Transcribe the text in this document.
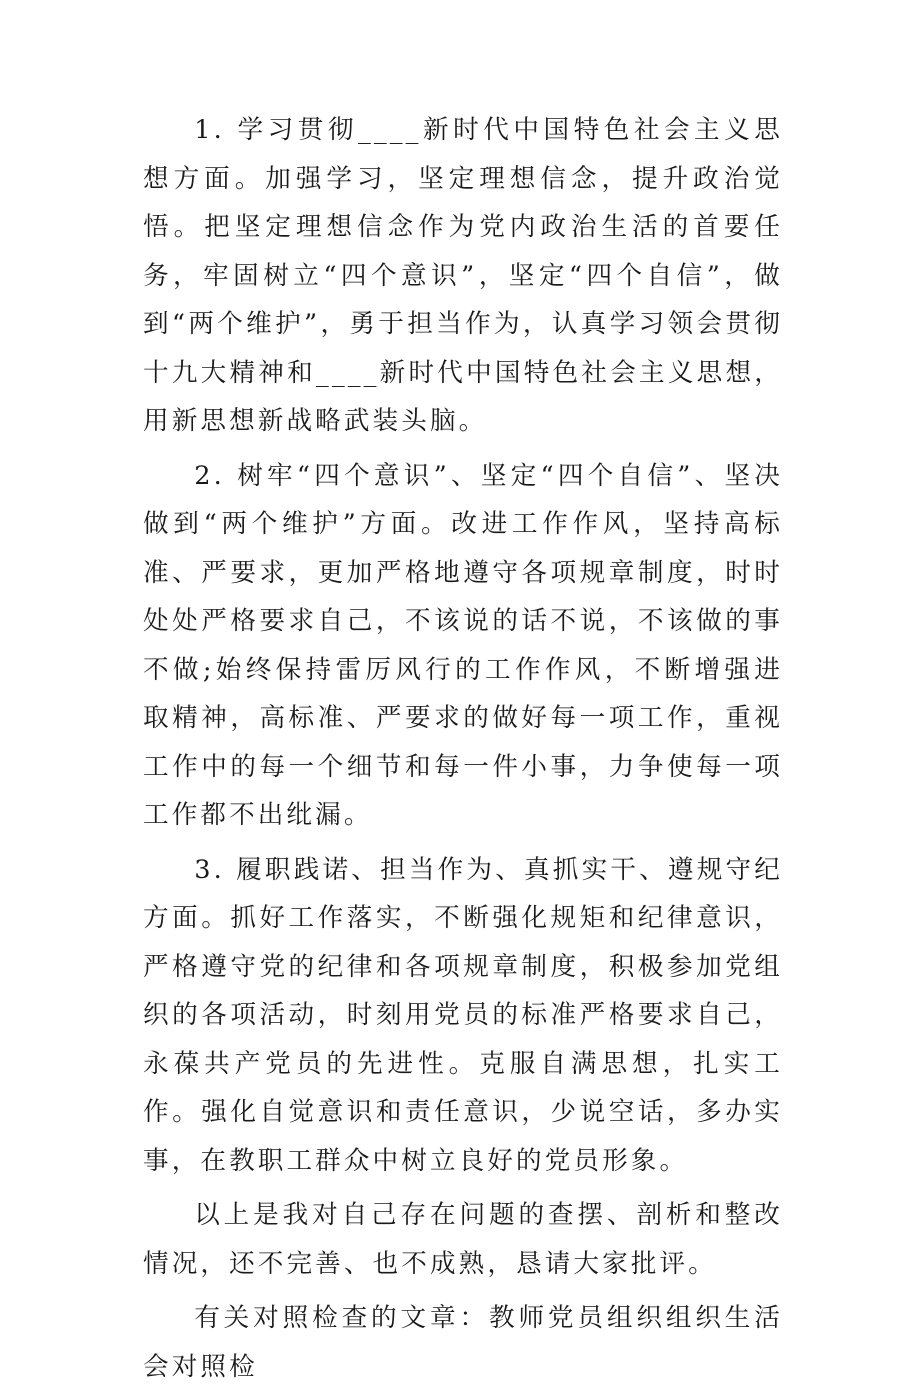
1. 学习贯彻____新时代中国特色社会主义思想方面。加强学习，坚定理想信念，提升政治觉悟。把坚定理想信念作为党内政治生活的首要任务，牢固树立“四个意识”，坚定“四个自信”，做到“两个维护”，勇于担当作为，认真学习领会贯彻十九大精神和____新时代中国特色社会主义思想，用新思想新战略武装头脑。

2. 树牢“四个意识”、坚定“四个自信”、坚决做到“两个维护”方面。改进工作作风，坚持高标准、严要求，更加严格地遵守各项规章制度，时时处处严格要求自己，不该说的话不说，不该做的事不做;始终保持雷厉风行的工作作风，不断增强进取精神，高标准、严要求的做好每一项工作，重视工作中的每一个细节和每一件小事，力争使每一项工作都不出纰漏。

3. 履职践诺、担当作为、真抓实干、遵规守纪方面。抓好工作落实，不断强化规矩和纪律意识，严格遵守党的纪律和各项规章制度，积极参加党组织的各项活动，时刻用党员的标准严格要求自己，永葆共产党员的先进性。克服自满思想，扎实工作。强化自觉意识和责任意识，少说空话，多办实事，在教职工群众中树立良好的党员形象。

以上是我对自己存在问题的查摆、剖析和整改情况，还不完善、也不成熟，恳请大家批评。

有关对照检查的文章：教师党员组织组织生活会对照检
